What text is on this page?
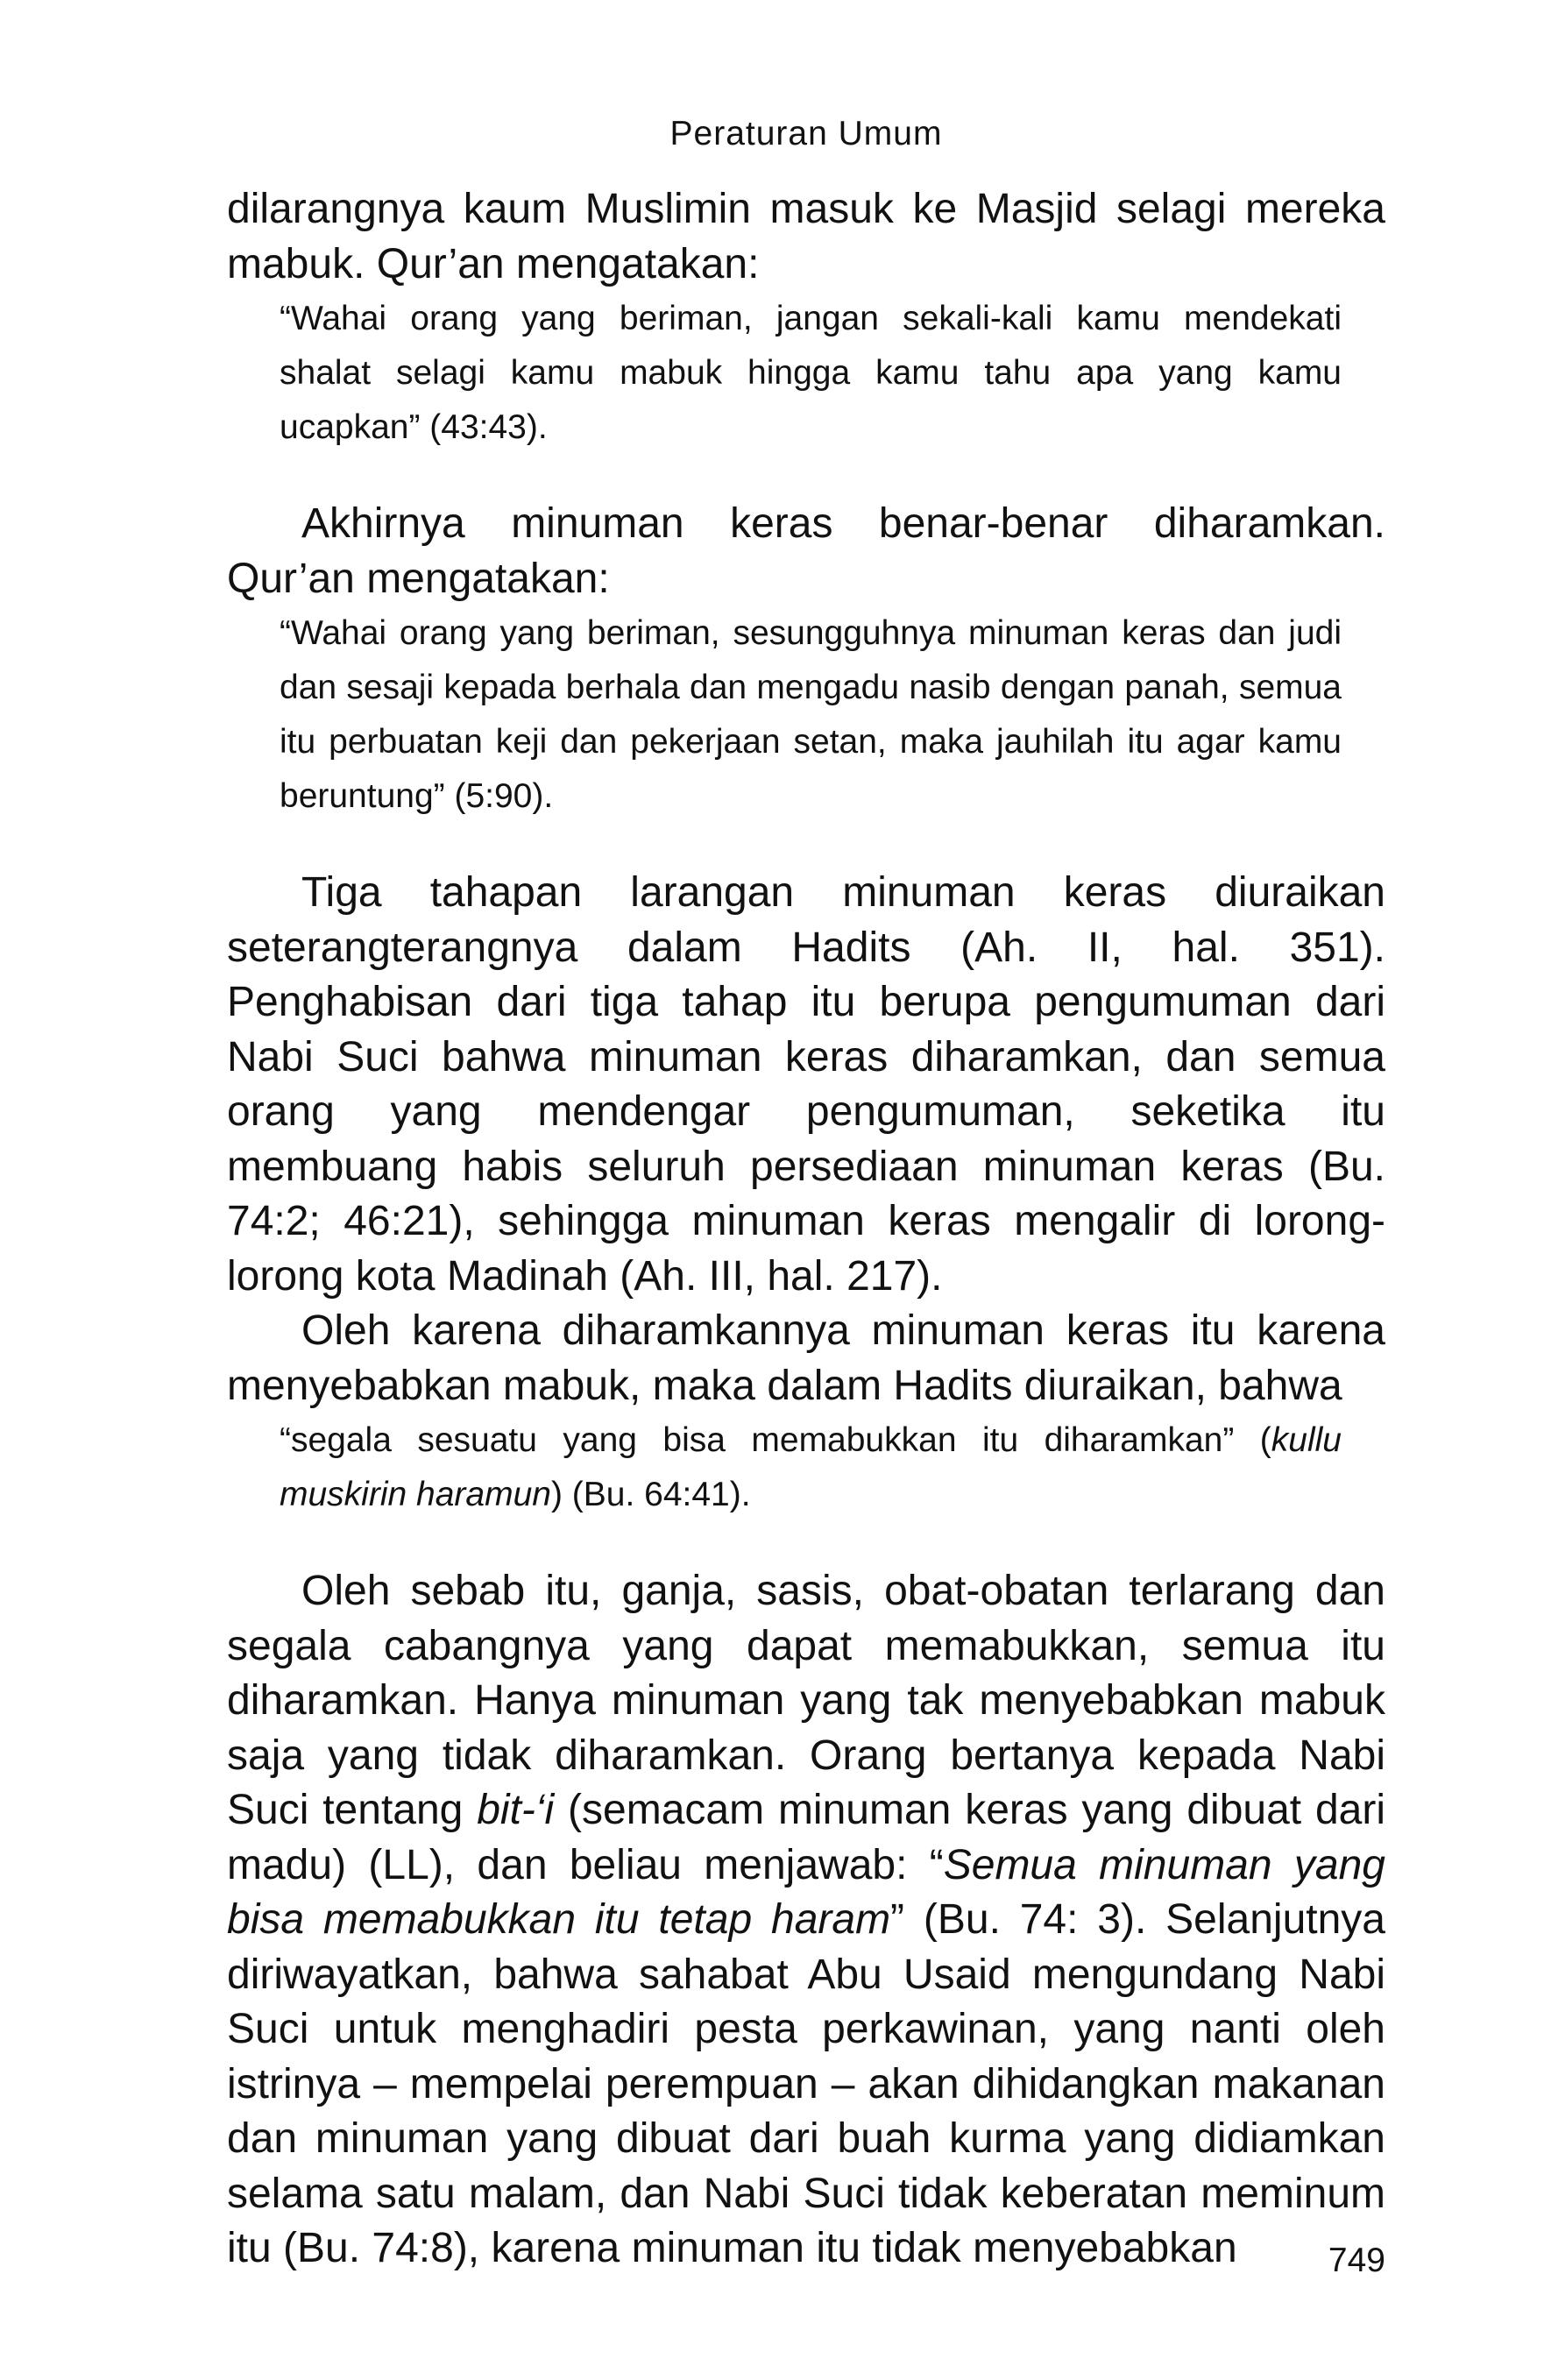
Peraturan Umum

dilarangnya kaum Muslimin masuk ke Masjid selagi mereka mabuk. Qur’an mengatakan:

“Wahai orang yang beriman, jangan sekali-kali kamu mendekati shalat selagi kamu mabuk hingga kamu tahu apa yang kamu ucapkan” (43:43).

Akhirnya minuman keras benar-benar diharamkan. Qur’an mengatakan:

“Wahai orang yang beriman, sesungguhnya minuman keras dan judi dan sesaji kepada berhala dan mengadu nasib dengan panah, semua itu perbuatan keji dan pekerjaan setan, maka jauhilah itu agar kamu beruntung” (5:90).

Tiga tahapan larangan minuman keras diuraikan seterangterangnya dalam Hadits (Ah. II, hal. 351). Penghabisan dari tiga tahap itu berupa pengumuman dari Nabi Suci bahwa minuman keras diharamkan, dan semua orang yang mendengar pengumuman, seketika itu membuang habis seluruh persediaan minuman keras (Bu. 74:2; 46:21), sehingga minuman keras mengalir di lorong-lorong kota Madinah (Ah. III, hal. 217).

Oleh karena diharamkannya minuman keras itu karena menyebabkan mabuk, maka dalam Hadits diuraikan, bahwa

“segala sesuatu yang bisa memabukkan itu diharamkan” (kullu muskirin haramun) (Bu. 64:41).

Oleh sebab itu, ganja, sasis, obat-obatan terlarang dan segala cabangnya yang dapat memabukkan, semua itu diharamkan. Hanya minuman yang tak menyebabkan mabuk saja yang tidak diharamkan. Orang bertanya kepada Nabi Suci tentang bit-‘i (semacam minuman keras yang dibuat dari madu) (LL), dan beliau menjawab: “Semua minuman yang bisa memabukkan itu tetap haram” (Bu. 74: 3). Selanjutnya diriwayatkan, bahwa sahabat Abu Usaid mengundang Nabi Suci untuk menghadiri pesta perkawinan, yang nanti oleh istrinya – mempelai perempuan – akan dihidangkan makanan dan minuman yang dibuat dari buah kurma yang didiamkan selama satu malam, dan Nabi Suci tidak keberatan meminum itu (Bu. 74:8), karena minuman itu tidak menyebabkan	749
